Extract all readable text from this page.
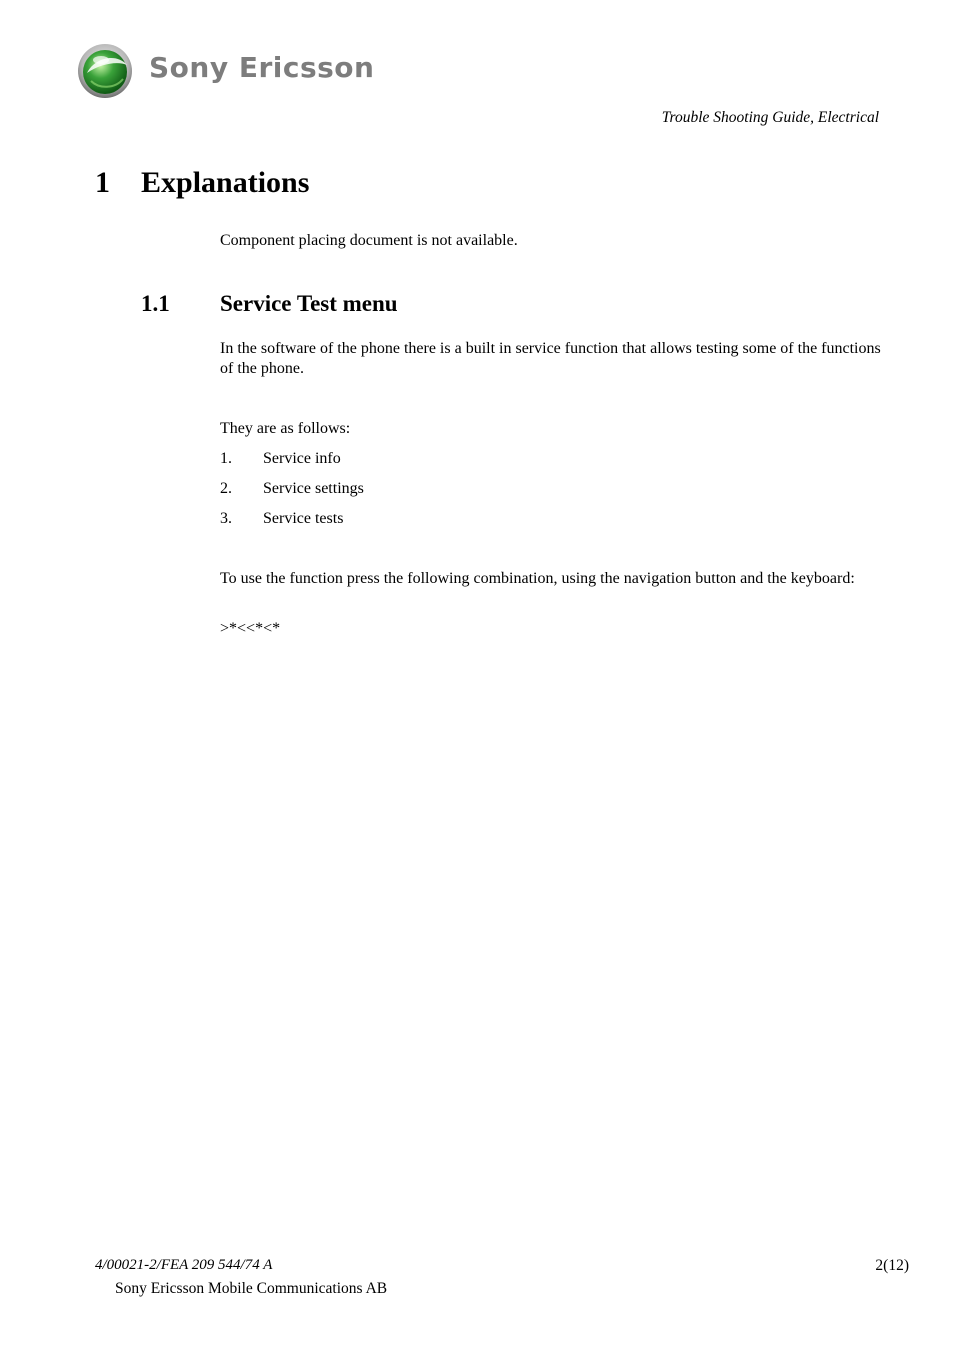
Sony Ericsson
Trouble Shooting Guide, Electrical
1 Explanations
Component placing document is not available.
1.1 Service Test menu
In the software of the phone there is a built in service function that allows testing some of the functions of the phone.
They are as follows:
1. Service info
2. Service settings
3. Service tests
To use the function press the following combination, using the navigation button and the keyboard:
>*<<*<*
4/00021-2/FEA 209 544/74 A
Sony Ericsson Mobile Communications AB
2(12)
